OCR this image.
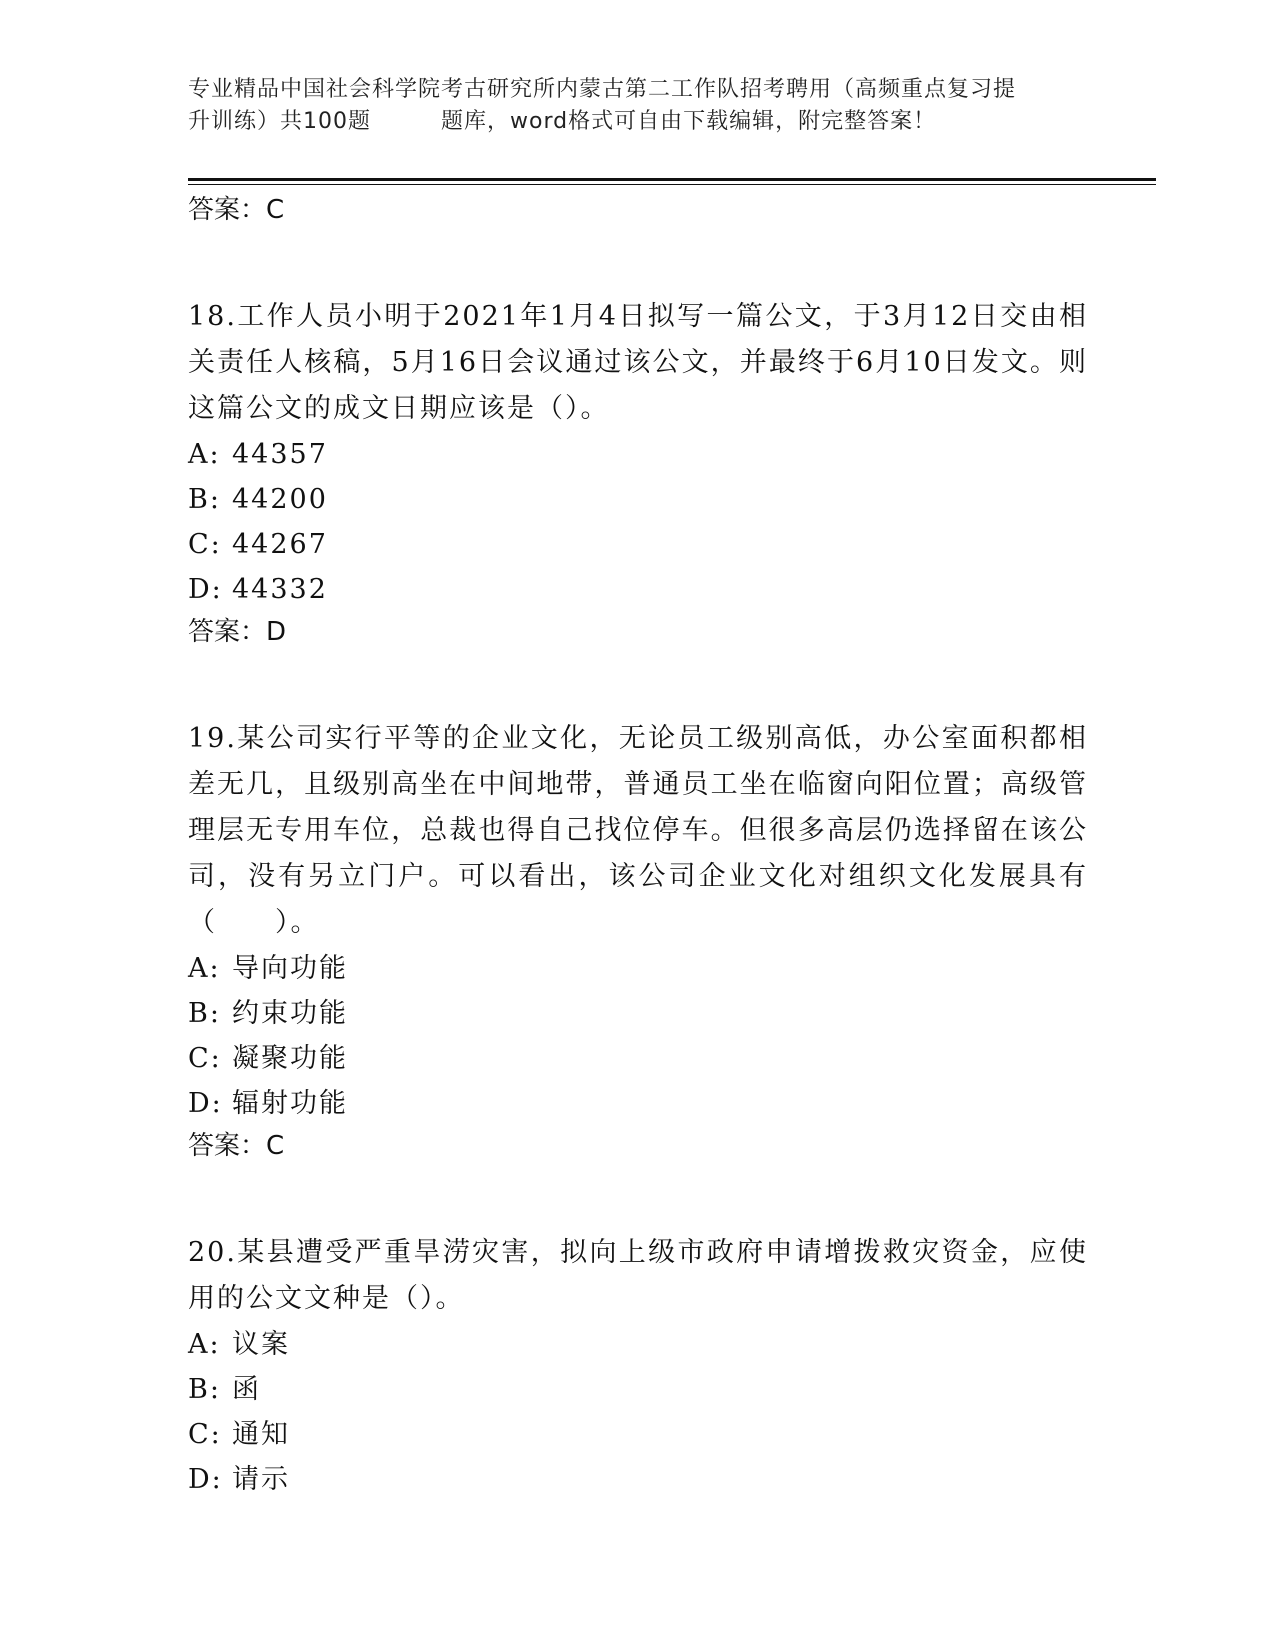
专业精品中国社会科学院考古研究所内蒙古第二工作队招考聘用（高频重点复习提
升训练）共100题	题库，word格式可自由下载编辑，附完整答案！
答案：C

18.工作人员小明于2021年1月4日拟写一篇公文，于3月12日交由相关责任人核稿，5月16日会议通过该公文，并最终于6月10日发文。则这篇公文的成文日期应该是（）。

A: 44357
B: 44200
C: 44267
D: 44332
答案：D

19.某公司实行平等的企业文化，无论员工级别高低，办公室面积都相差无几，且级别高坐在中间地带，普通员工坐在临窗向阳位置；高级管理层无专用车位，总裁也得自己找位停车。但很多高层仍选择留在该公司，没有另立门户。可以看出，该公司企业文化对组织文化发展具有（　　）。

A: 导向功能
B: 约束功能
C: 凝聚功能
D: 辐射功能
答案：C

20.某县遭受严重旱涝灾害，拟向上级市政府申请增拨救灾资金，应使用的公文文种是（）。

A: 议案
B: 函
C: 通知
D: 请示
